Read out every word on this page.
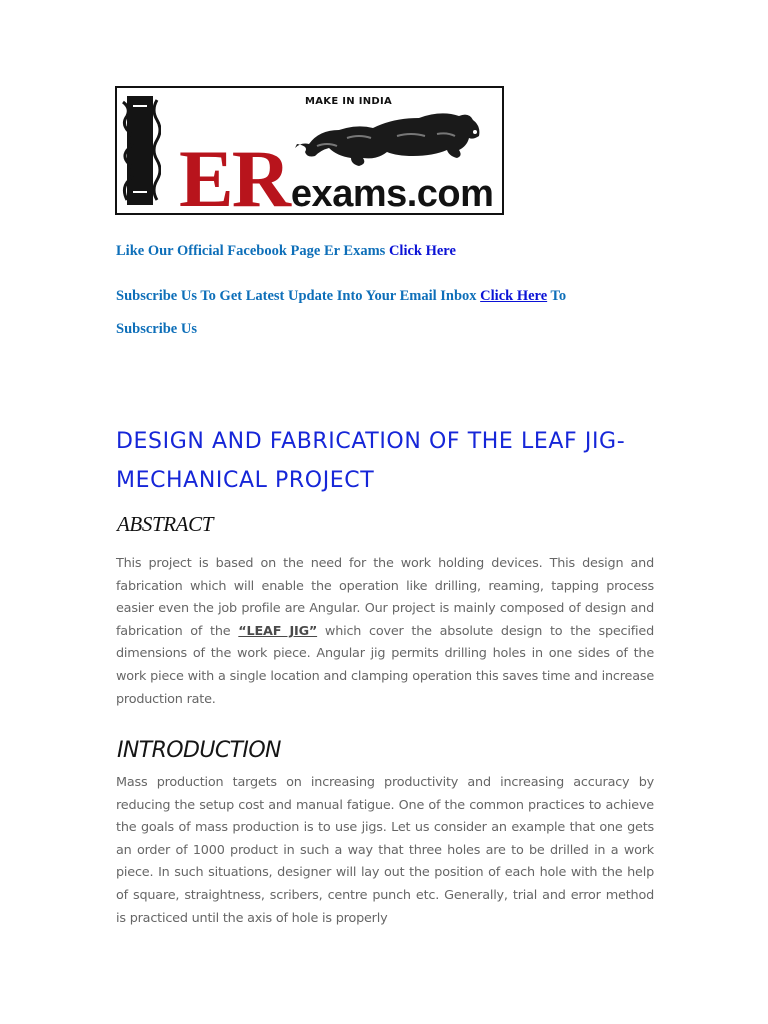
MAKE IN INDIA
ERexams.com
Like Our Official Facebook Page Er Exams Click Here
Subscribe Us To Get Latest Update Into Your Email Inbox Click Here To
Subscribe Us
DESIGN AND FABRICATION OF THE LEAF JIG- MECHANICAL PROJECT
ABSTRACT

This project is based on the need for the work holding devices. This design and fabrication which will enable the operation like drilling, reaming, tapping process easier even the job profile are Angular. Our project is mainly composed of design and fabrication of the “LEAF JIG” which cover the absolute design to the specified dimensions of the work piece. Angular jig permits drilling holes in one sides of the work piece with a single location and clamping operation this saves time and increase production rate.

INTRODUCTION

Mass production targets on increasing productivity and increasing accuracy by reducing the setup cost and manual fatigue. One of the common practices to achieve the goals of mass production is to use jigs. Let us consider an example that one gets an order of 1000 product in such a way that three holes are to be drilled in a work piece. In such situations, designer will lay out the position of each hole with the help of square, straightness, scribers, centre punch etc. Generally, trial and error method is practiced until the axis of hole is properly
